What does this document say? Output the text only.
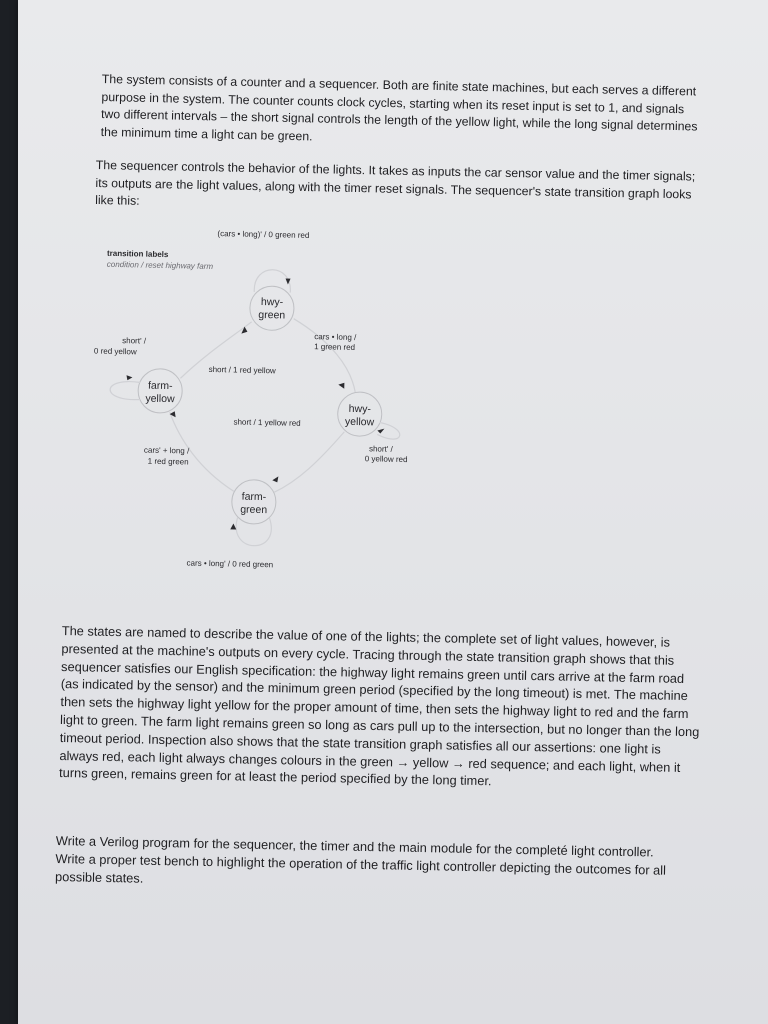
The system consists of a counter and a sequencer. Both are finite state machines, but each serves a different purpose in the system. The counter counts clock cycles, starting when its reset input is set to 1, and signals two different intervals – the short signal controls the length of the yellow light, while the long signal determines the minimum time a light can be green.

The sequencer controls the behavior of the lights. It takes as inputs the car sensor value and the timer signals; its outputs are the light values, along with the timer reset signals. The sequencer's state transition graph looks like this:

transition labels
condition / reset highway farm
hwy-
green
hwy-
yellow
farm-
green
farm-
yellow
(cars • long)' / 0 green red
cars • long /
1 green red
short' /
0 yellow red
short / 1 yellow red
cars • long' / 0 red green
cars' + long /
1 red green
short' /
0 red yellow
short / 1 red yellow

The states are named to describe the value of one of the lights; the complete set of light values, however, is presented at the machine's outputs on every cycle. Tracing through the state transition graph shows that this sequencer satisfies our English specification: the highway light remains green until cars arrive at the farm road (as indicated by the sensor) and the minimum green period (specified by the long timeout) is met. The machine then sets the highway light yellow for the proper amount of time, then sets the highway light to red and the farm light to green. The farm light remains green so long as cars pull up to the intersection, but no longer than the long timeout period. Inspection also shows that the state transition graph satisfies all our assertions: one light is always red, each light always changes colours in the green → yellow → red sequence; and each light, when it turns green, remains green for at least the period specified by the long timer.

Write a Verilog program for the sequencer, the timer and the main module for the completé light controller. Write a proper test bench to highlight the operation of the traffic light controller depicting the outcomes for all possible states.
